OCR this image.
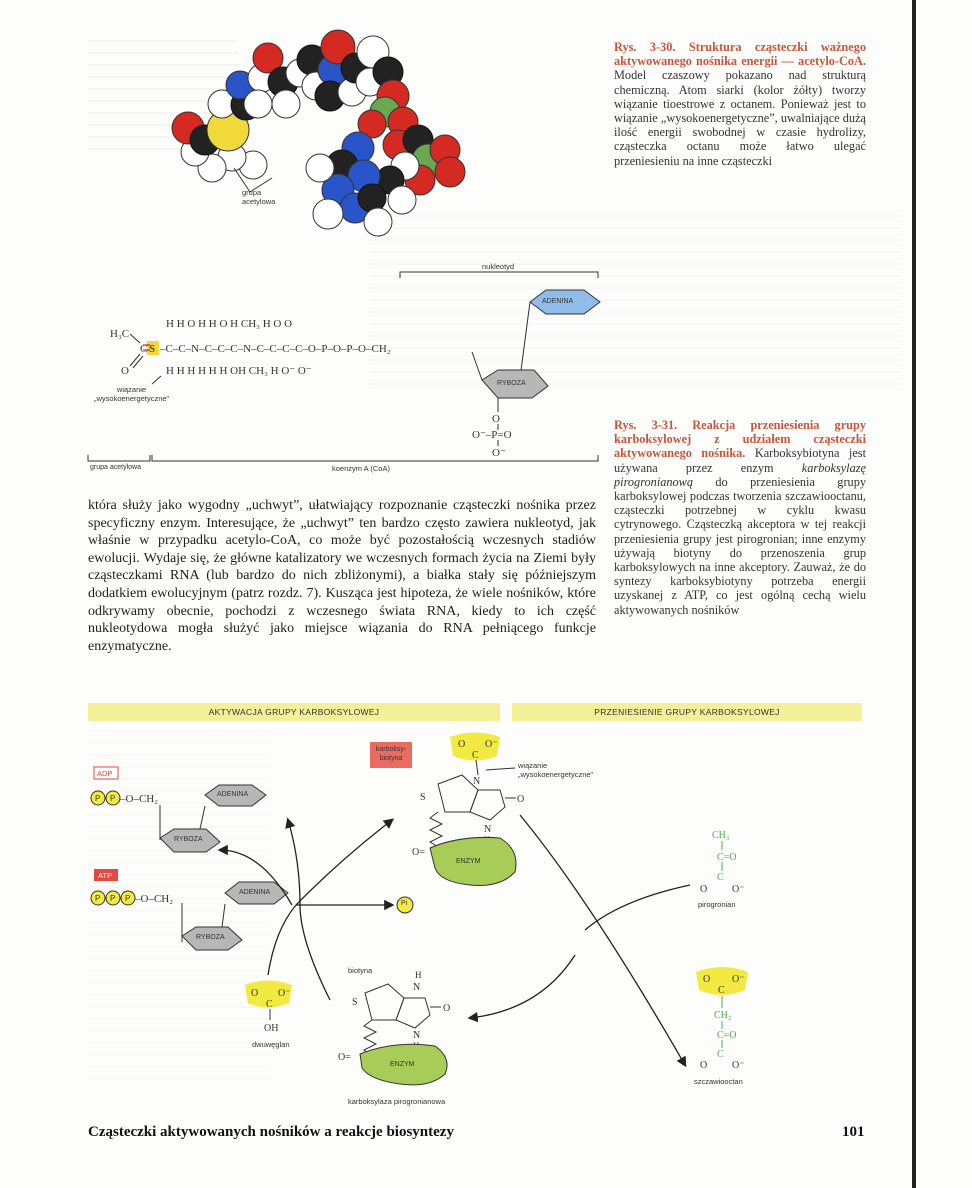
H₃C
C
O
S –C–C–N–C–C–C–N–C–C–C–C–O–P–O–P–O–CH₂
H H O H H O H CH₃ H O O
H H H H H H OH CH₃ H O⁻ O⁻
O
O⁻–P=O
O⁻
grupa
acetylowa
nukleotyd
ADENINA
RYBOZA
wiązanie
„wysokoenergetyczne”
grupa acetylowa	koenzym A (CoA)
Rys. 3-30. Struktura cząsteczki ważnego aktywowanego nośnika energii — acetylo-CoA. Model czaszowy pokazano nad strukturą chemiczną. Atom siarki (kolor żółty) tworzy wiązanie tioestrowe z octanem. Ponieważ jest to wiązanie „wysokoenergetyczne”, uwalniające dużą ilość energii swobodnej w czasie hydrolizy, cząsteczka octanu może łatwo ulegać przeniesieniu na inne cząsteczki
Rys. 3-31. Reakcja przeniesienia grupy karboksylowej z udziałem cząsteczki aktywowanego nośnika. Karboksybiotyna jest używana przez enzym karboksylazę pirogronianową do przeniesienia grupy karboksylowej podczas tworzenia szczawiooctanu, cząsteczki potrzebnej w cyklu kwasu cytrynowego. Cząsteczką akceptora w tej reakcji przeniesienia grupy jest pirogronian; inne enzymy używają biotyny do przenoszenia grup karboksylowych na inne akceptory. Zauważ, że do syntezy karboksybiotyny potrzeba energii uzyskanej z ATP, co jest ogólną cechą wielu aktywowanych nośników
która służy jako wygodny „uchwyt”, ułatwiający rozpoznanie cząsteczki nośnika przez specyficzny enzym. Interesujące, że „uchwyt” ten bardzo często zawiera nukleotyd, jak właśnie w przypadku acetylo-CoA, co może być pozostałością wczesnych stadiów ewolucji. Wydaje się, że główne katalizatory we wczesnych formach życia na Ziemi były cząsteczkami RNA (lub bardzo do nich zbliżonymi), a białka stały się późniejszym dodatkiem ewolucyjnym (patrz rozdz. 7). Kusząca jest hipoteza, że wiele nośników, które odkrywamy obecnie, pochodzi z wczesnego świata RNA, kiedy to ich część nukleotydowa mogła służyć jako miejsce wiązania do RNA pełniącego funkcje enzymatyczne.
AKTYWACJA GRUPY KARBOKSYLOWEJ	PRZENIESIENIE GRUPY KARBOKSYLOWEJ
P P –O–CH₂
P P P –O–CH₂
O O⁻
C
N
S	O
N
O=
S
H
N
O
N
O=
O O⁻
C
OH
CH₃
C=O
C
O O⁻
O O⁻
C
CH₂
C=O
C
O O⁻
ADP
ATP
ADENINA
RYBOZA
ADENINA
RYBOZA
Pi
karboksy-
biotyna
wiązanie
„wysokoenergetyczne”
ENZYM
ENZYM
biotyna
dwuwęglan
karboksylaza pirogronianowa
pirogronian
szczawiooctan
Cząsteczki aktywowanych nośników a reakcje biosyntezy	101
